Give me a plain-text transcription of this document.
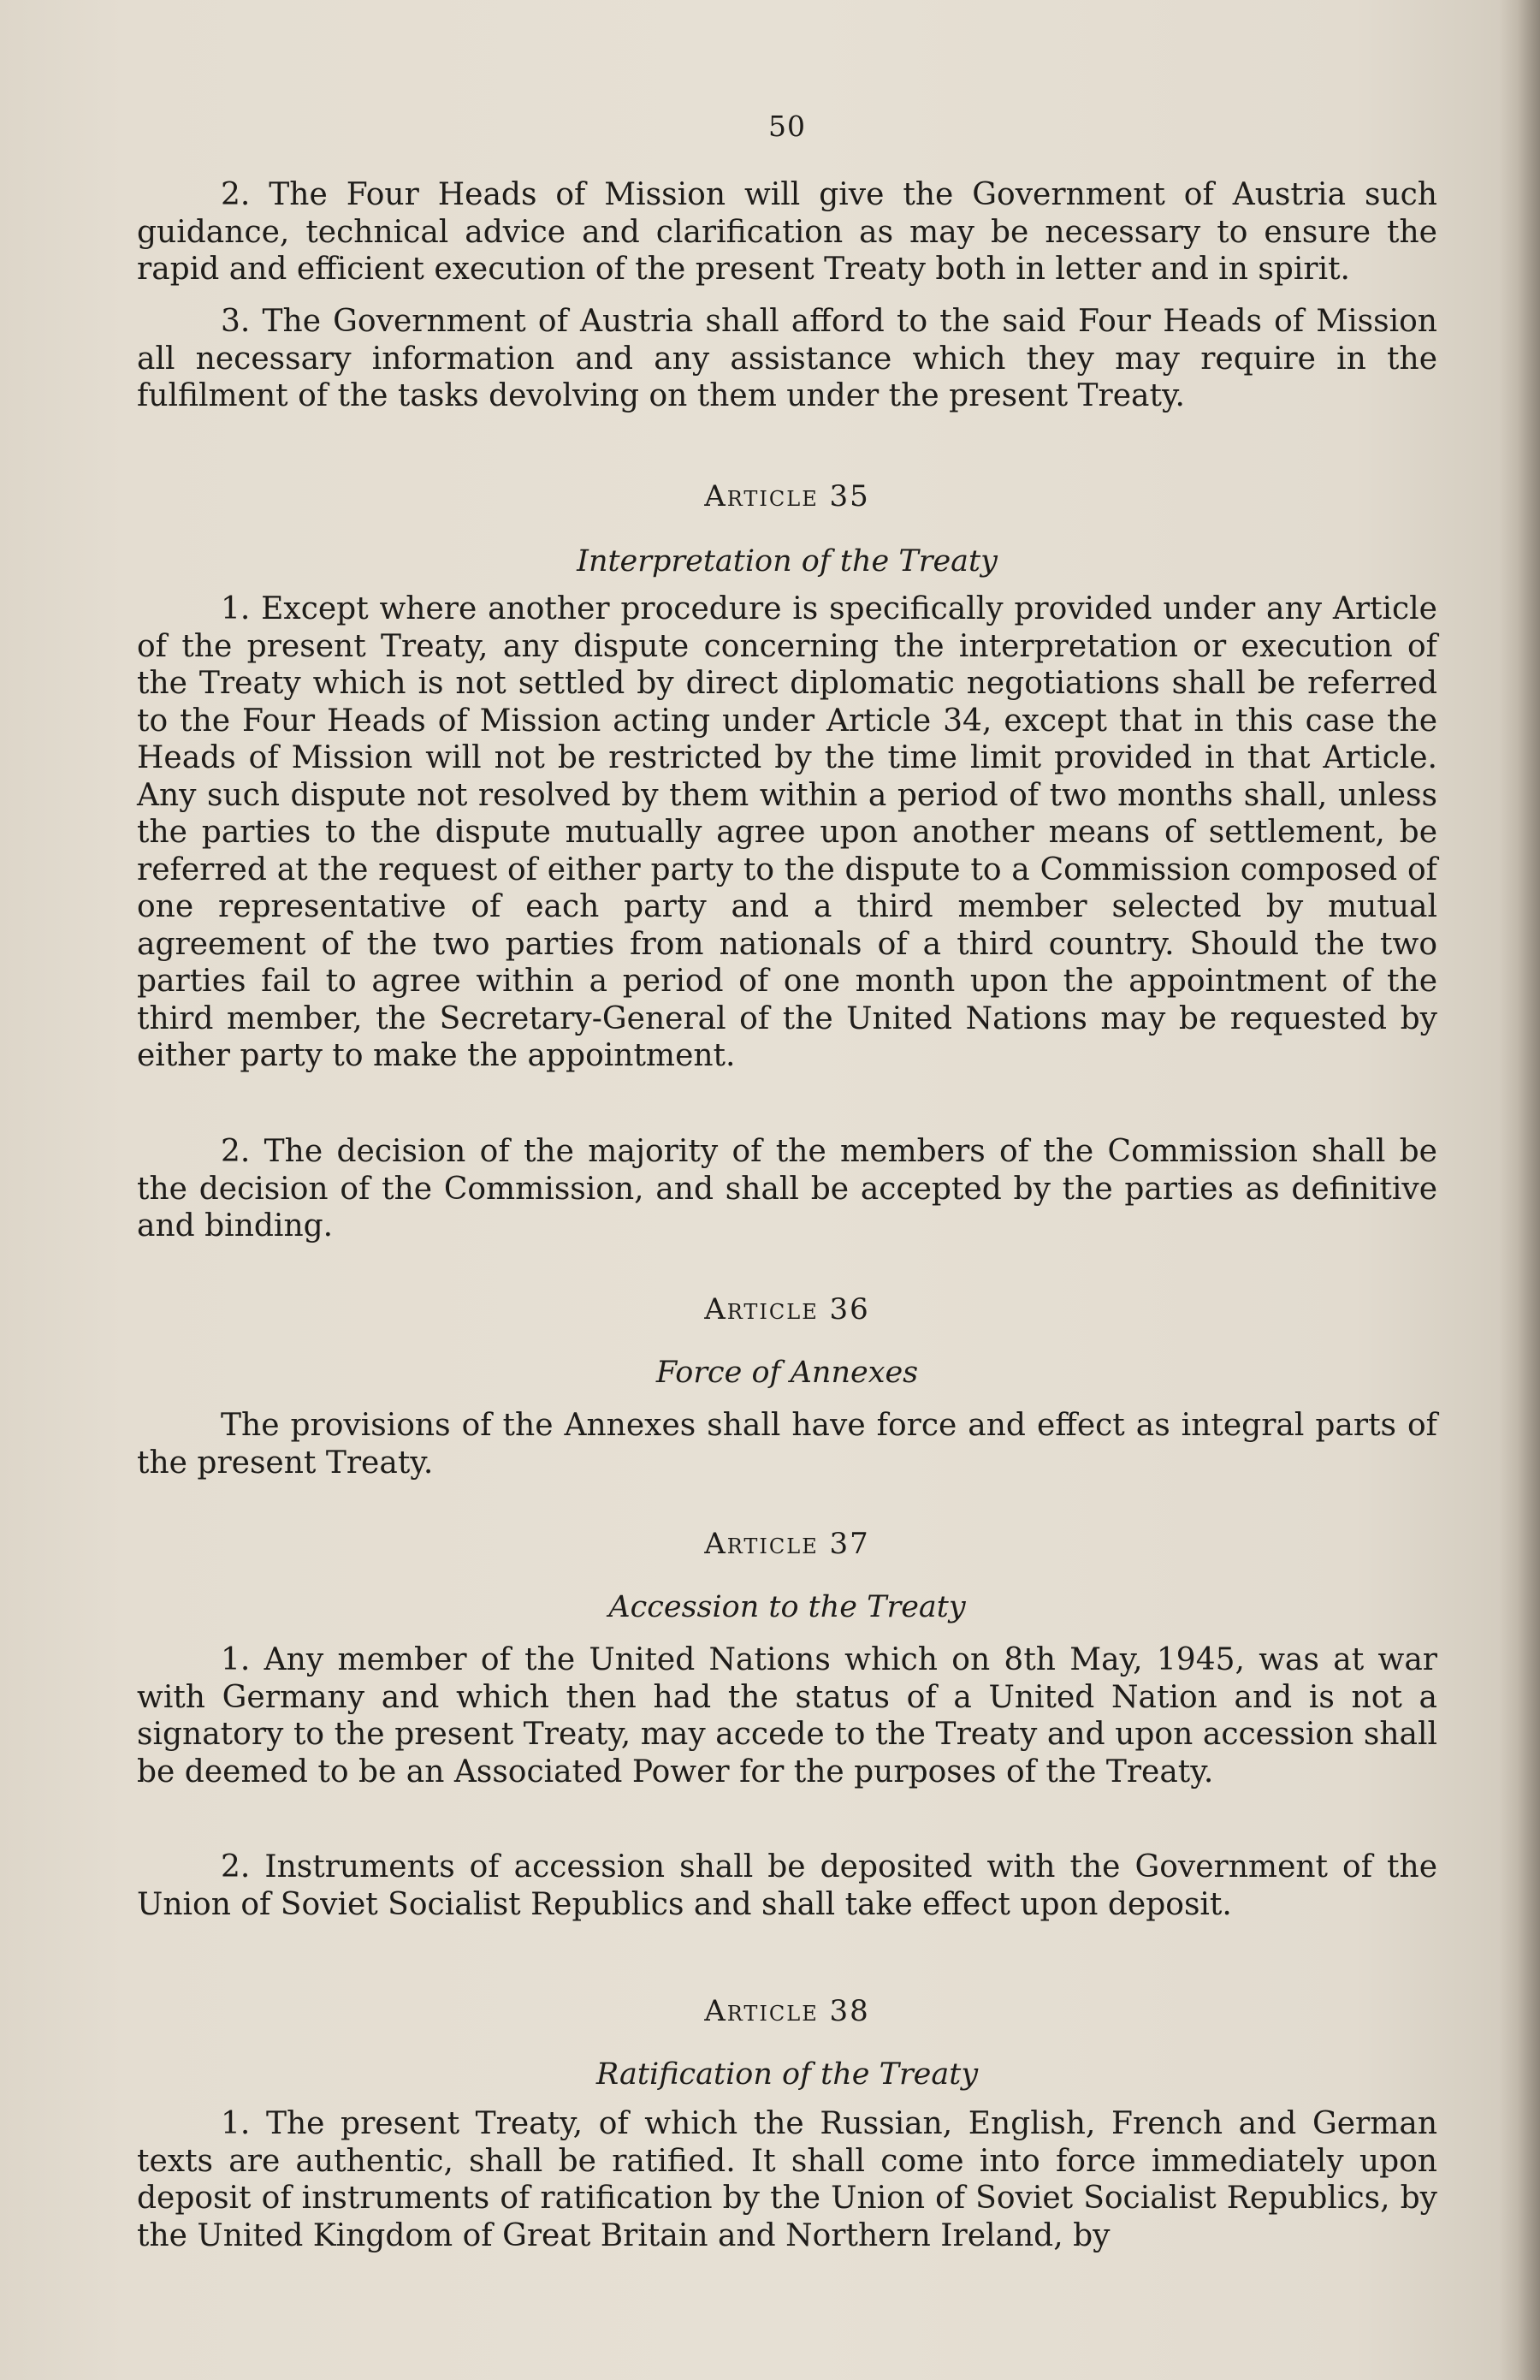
50

2. The Four Heads of Mission will give the Government of Austria such guidance, technical advice and clarification as may be necessary to ensure the rapid and efficient execution of the present Treaty both in letter and in spirit.

3. The Government of Austria shall afford to the said Four Heads of Mission all necessary information and any assistance which they may require in the fulfilment of the tasks devolving on them under the present Treaty.

Article 35
Interpretation of the Treaty

1. Except where another procedure is specifically provided under any Article of the present Treaty, any dispute concerning the interpretation or execution of the Treaty which is not settled by direct diplomatic negotiations shall be referred to the Four Heads of Mission acting under Article 34, except that in this case the Heads of Mission will not be restricted by the time limit provided in that Article. Any such dispute not resolved by them within a period of two months shall, unless the parties to the dispute mutually agree upon another means of settlement, be referred at the request of either party to the dispute to a Commission composed of one representative of each party and a third member selected by mutual agreement of the two parties from nationals of a third country. Should the two parties fail to agree within a period of one month upon the appointment of the third member, the Secretary-General of the United Nations may be requested by either party to make the appointment.

2. The decision of the majority of the members of the Commission shall be the decision of the Commission, and shall be accepted by the parties as definitive and binding.

Article 36
Force of Annexes

The provisions of the Annexes shall have force and effect as integral parts of the present Treaty.

Article 37
Accession to the Treaty

1. Any member of the United Nations which on 8th May, 1945, was at war with Germany and which then had the status of a United Nation and is not a signatory to the present Treaty, may accede to the Treaty and upon accession shall be deemed to be an Associated Power for the purposes of the Treaty.

2. Instruments of accession shall be deposited with the Government of the Union of Soviet Socialist Republics and shall take effect upon deposit.

Article 38
Ratification of the Treaty

1. The present Treaty, of which the Russian, English, French and German texts are authentic, shall be ratified. It shall come into force immediately upon deposit of instruments of ratification by the Union of Soviet Socialist Republics, by the United Kingdom of Great Britain and Northern Ireland, by
